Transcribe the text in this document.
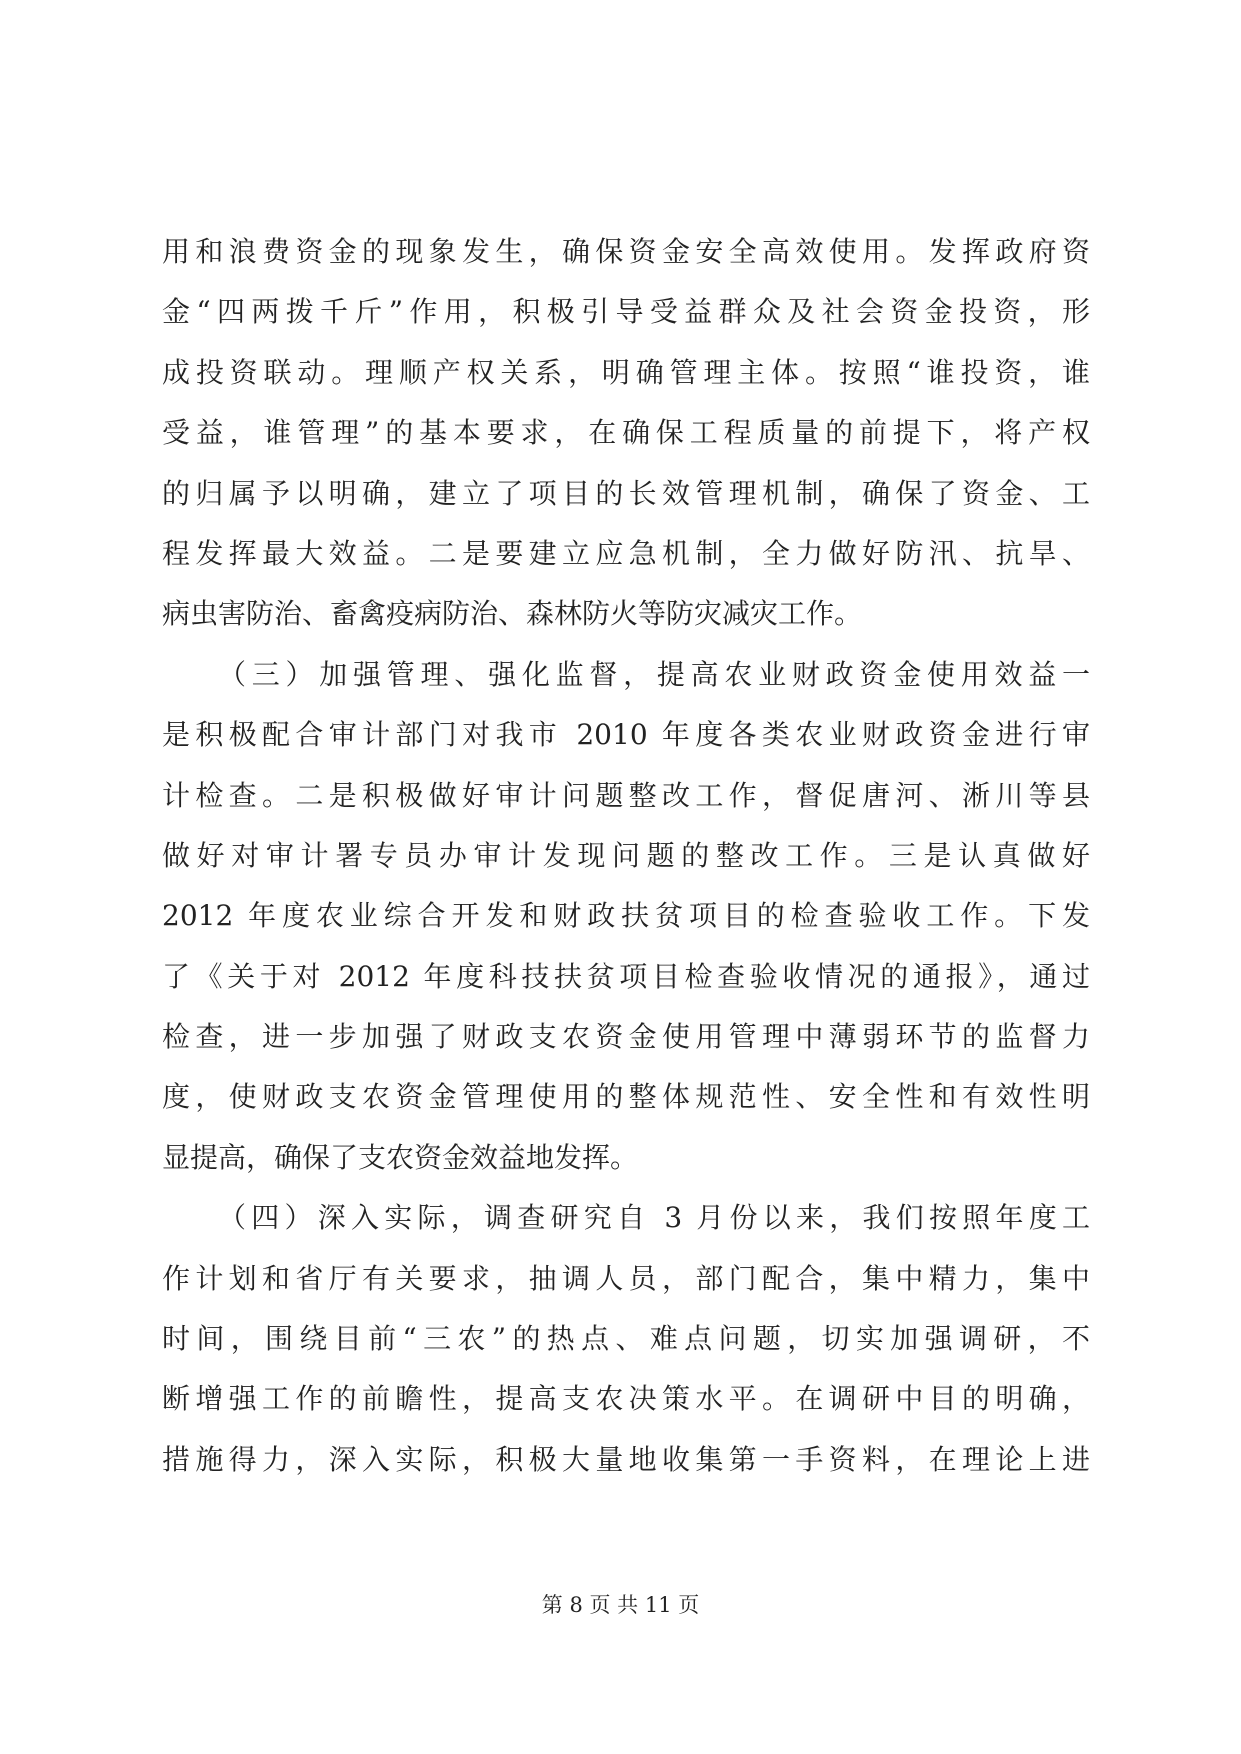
用和浪费资金的现象发生，确保资金安全高效使用。发挥政府资
金“四两拨千斤”作用，积极引导受益群众及社会资金投资，形
成投资联动。理顺产权关系，明确管理主体。按照“谁投资，谁
受益，谁管理”的基本要求，在确保工程质量的前提下，将产权
的归属予以明确，建立了项目的长效管理机制，确保了资金、工
程发挥最大效益。二是要建立应急机制，全力做好防汛、抗旱、
病虫害防治、畜禽疫病防治、森林防火等防灾减灾工作。
（三）加强管理、强化监督，提高农业财政资金使用效益一
是积极配合审计部门对我市 2010 年度各类农业财政资金进行审
计检查。二是积极做好审计问题整改工作，督促唐河、淅川等县
做好对审计署专员办审计发现问题的整改工作。三是认真做好
2012 年度农业综合开发和财政扶贫项目的检查验收工作。下发
了《关于对 2012 年度科技扶贫项目检查验收情况的通报》，通过
检查，进一步加强了财政支农资金使用管理中薄弱环节的监督力
度，使财政支农资金管理使用的整体规范性、安全性和有效性明
显提高，确保了支农资金效益地发挥。
（四）深入实际，调查研究自 3 月份以来，我们按照年度工
作计划和省厅有关要求，抽调人员，部门配合，集中精力，集中
时间，围绕目前“三农”的热点、难点问题，切实加强调研，不
断增强工作的前瞻性，提高支农决策水平。在调研中目的明确，
措施得力，深入实际，积极大量地收集第一手资料，在理论上进
第 8 页 共 11 页
